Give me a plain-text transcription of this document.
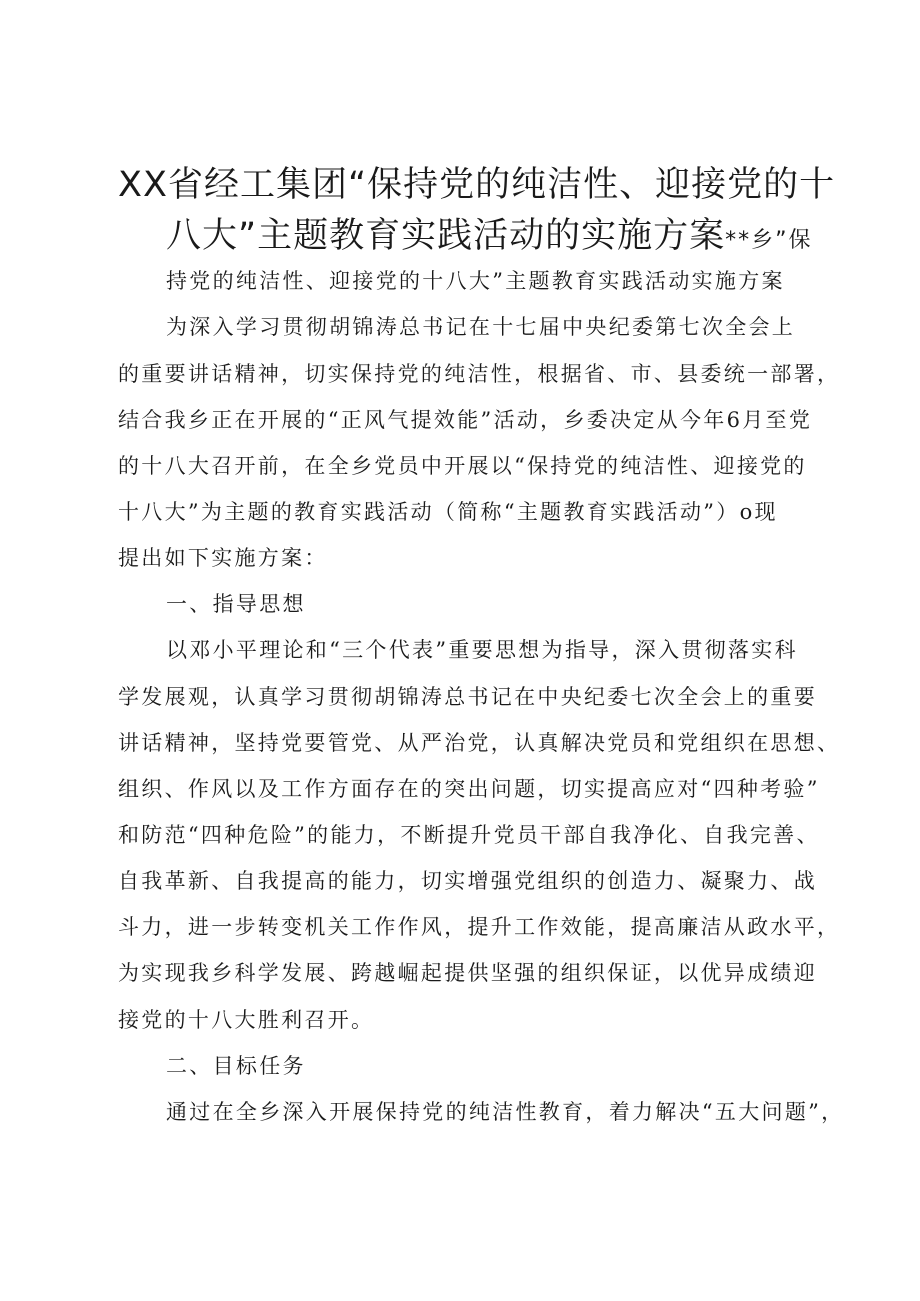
XX省经工集团“保持党的纯洁性、迎接党的十
八大”主题教育实践活动的实施方案**乡”保
持党的纯洁性、迎接党的十八大”主题教育实践活动实施方案
为深入学习贯彻胡锦涛总书记在十七届中央纪委第七次全会上
的重要讲话精神，切实保持党的纯洁性，根据省、市、县委统一部署，
结合我乡正在开展的“正风气提效能”活动，乡委决定从今年6月至党
的十八大召开前，在全乡党员中开展以“保持党的纯洁性、迎接党的
十八大”为主题的教育实践活动（简称“主题教育实践活动”）o现
提出如下实施方案：
一、指导思想
以邓小平理论和“三个代表”重要思想为指导，深入贯彻落实科
学发展观，认真学习贯彻胡锦涛总书记在中央纪委七次全会上的重要
讲话精神，坚持党要管党、从严治党，认真解决党员和党组织在思想、
组织、作风以及工作方面存在的突出问题，切实提高应对“四种考验”
和防范“四种危险”的能力，不断提升党员干部自我净化、自我完善、
自我革新、自我提高的能力，切实增强党组织的创造力、凝聚力、战
斗力，进一步转变机关工作作风，提升工作效能，提高廉洁从政水平，
为实现我乡科学发展、跨越崛起提供坚强的组织保证，以优异成绩迎
接党的十八大胜利召开。
二、目标任务
通过在全乡深入开展保持党的纯洁性教育，着力解决“五大问题”，
